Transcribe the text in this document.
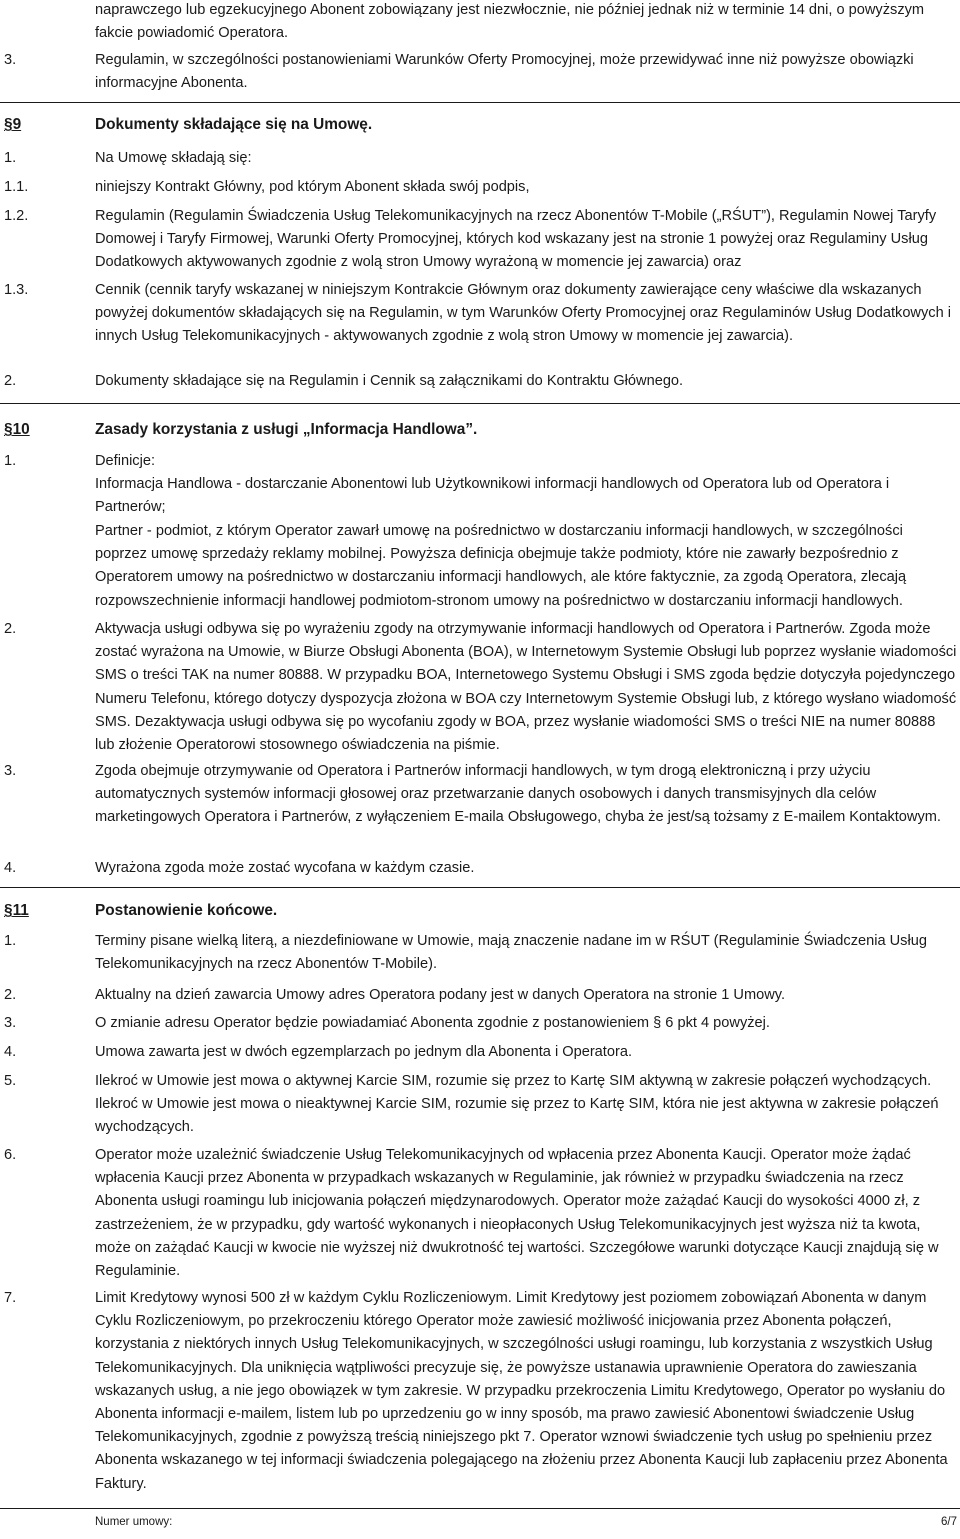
naprawczego lub egzekucyjnego Abonent zobowiązany jest niezwłocznie, nie później jednak niż w terminie 14 dni, o powyższym fakcie powiadomić Operatora.
3.	Regulamin, w szczególności postanowieniami Warunków Oferty Promocyjnej, może przewidywać inne niż powyższe obowiązki informacyjne Abonenta.
§9	Dokumenty składające się na Umowę.
1.	Na Umowę składają się:
1.1.	niniejszy Kontrakt Główny, pod którym Abonent składa swój podpis,
1.2.	Regulamin (Regulamin Świadczenia Usług Telekomunikacyjnych na rzecz Abonentów T-Mobile („RŚUT”), Regulamin Nowej Taryfy Domowej i Taryfy Firmowej, Warunki Oferty Promocyjnej, których kod wskazany jest na stronie 1 powyżej oraz Regulaminy Usług Dodatkowych aktywowanych zgodnie z wolą stron Umowy wyrażoną w momencie jej zawarcia) oraz
1.3.	Cennik (cennik taryfy wskazanej w niniejszym Kontrakcie Głównym oraz dokumenty zawierające ceny właściwe dla wskazanych powyżej dokumentów składających się na Regulamin, w tym Warunków Oferty Promocyjnej oraz Regulaminów Usług Dodatkowych i innych Usług Telekomunikacyjnych - aktywowanych zgodnie z wolą stron Umowy w momencie jej zawarcia).
2.	Dokumenty składające się na Regulamin i Cennik są załącznikami do Kontraktu Głównego.
§10	Zasady korzystania z usługi „Informacja Handlowa”.
1.	Definicje:
Informacja Handlowa - dostarczanie Abonentowi lub Użytkownikowi informacji handlowych od Operatora lub od Operatora i Partnerów;
Partner - podmiot, z którym Operator zawarł umowę na pośrednictwo w dostarczaniu informacji handlowych, w szczególności poprzez umowę sprzedaży reklamy mobilnej. Powyższa definicja obejmuje także podmioty, które nie zawarły bezpośrednio z Operatorem umowy na pośrednictwo w dostarczaniu informacji handlowych, ale które faktycznie, za zgodą Operatora, zlecają rozpowszechnienie informacji handlowej podmiotom-stronom umowy na pośrednictwo w dostarczaniu informacji handlowych.
2.	Aktywacja usługi odbywa się po wyrażeniu zgody na otrzymywanie informacji handlowych od Operatora i Partnerów. Zgoda może zostać wyrażona na Umowie, w Biurze Obsługi Abonenta (BOA), w Internetowym Systemie Obsługi lub poprzez wysłanie wiadomości SMS o treści TAK na numer 80888. W przypadku BOA, Internetowego Systemu Obsługi i SMS zgoda będzie dotyczyła pojedynczego Numeru Telefonu, którego dotyczy dyspozycja złożona w BOA czy Internetowym Systemie Obsługi lub, z którego wysłano wiadomość SMS. Dezaktywacja usługi odbywa się po wycofaniu zgody w BOA, przez wysłanie wiadomości SMS o treści NIE na numer 80888 lub złożenie Operatorowi stosownego oświadczenia na piśmie.
3.	Zgoda obejmuje otrzymywanie od Operatora i Partnerów informacji handlowych, w tym drogą elektroniczną i przy użyciu automatycznych systemów informacji głosowej oraz przetwarzanie danych osobowych i danych transmisyjnych dla celów marketingowych Operatora i Partnerów, z wyłączeniem E-maila Obsługowego, chyba że jest/są tożsamy z E-mailem Kontaktowym.
4.	Wyrażona zgoda może zostać wycofana w każdym czasie.
§11	Postanowienie końcowe.
1.	Terminy pisane wielką literą, a niezdefiniowane w Umowie, mają znaczenie nadane im w RŚUT (Regulaminie Świadczenia Usług Telekomunikacyjnych na rzecz Abonentów T-Mobile).
2.	Aktualny na dzień zawarcia Umowy adres Operatora podany jest w danych Operatora na stronie 1 Umowy.
3.	O zmianie adresu Operator będzie powiadamiać Abonenta zgodnie z postanowieniem § 6 pkt 4 powyżej.
4.	Umowa zawarta jest w dwóch egzemplarzach po jednym dla Abonenta i Operatora.
5.	Ilekroć w Umowie jest mowa o aktywnej Karcie SIM, rozumie się przez to Kartę SIM aktywną w zakresie połączeń wychodzących. Ilekroć w Umowie jest mowa o nieaktywnej Karcie SIM, rozumie się przez to Kartę SIM, która nie jest aktywna w zakresie połączeń wychodzących.
6.	Operator może uzależnić świadczenie Usług Telekomunikacyjnych od wpłacenia przez Abonenta Kaucji. Operator może żądać wpłacenia Kaucji przez Abonenta w przypadkach wskazanych w Regulaminie, jak również w przypadku świadczenia na rzecz Abonenta usługi roamingu lub inicjowania połączeń międzynarodowych. Operator może zażądać Kaucji do wysokości 4000 zł, z zastrzeżeniem, że w przypadku, gdy wartość wykonanych i nieopłaconych Usług Telekomunikacyjnych jest wyższa niż ta kwota, może on zażądać Kaucji w kwocie nie wyższej niż dwukrotność tej wartości. Szczegółowe warunki dotyczące Kaucji znajdują się w Regulaminie.
7.	Limit Kredytowy wynosi 500 zł w każdym Cyklu Rozliczeniowym. Limit Kredytowy jest poziomem zobowiązań Abonenta w danym Cyklu Rozliczeniowym, po przekroczeniu którego Operator może zawiesić możliwość inicjowania przez Abonenta połączeń, korzystania z niektórych innych Usług Telekomunikacyjnych, w szczególności usługi roamingu, lub korzystania z wszystkich Usług Telekomunikacyjnych. Dla uniknięcia wątpliwości precyzuje się, że powyższe ustanawia uprawnienie Operatora do zawieszania wskazanych usług, a nie jego obowiązek w tym zakresie. W przypadku przekroczenia Limitu Kredytowego, Operator po wysłaniu do Abonenta informacji e-mailem, listem lub po uprzedzeniu go w inny sposób, ma prawo zawiesić Abonentowi świadczenie Usług Telekomunikacyjnych, zgodnie z powyższą treścią niniejszego pkt 7. Operator wznowi świadczenie tych usług po spełnieniu przez Abonenta wskazanego w tej informacji świadczenia polegającego na złożeniu przez Abonenta Kaucji lub zapłaceniu przez Abonenta Faktury.
Numer umowy:	6/7
